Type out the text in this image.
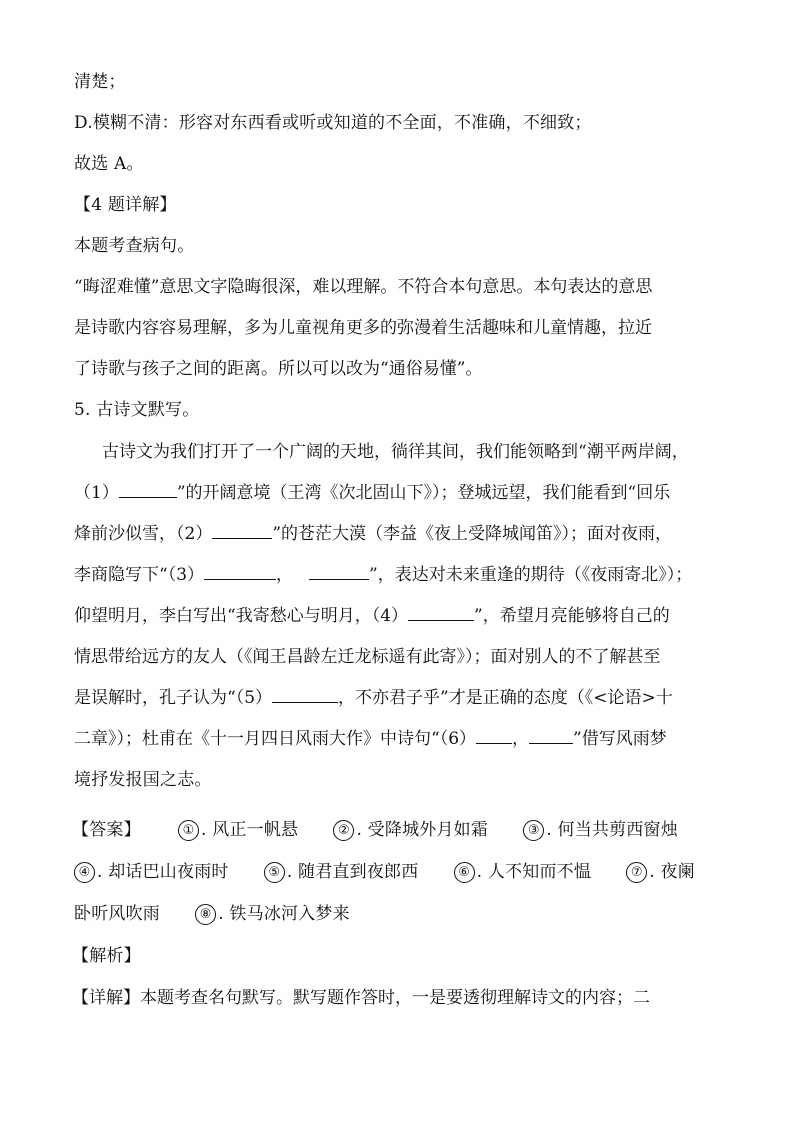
清楚；

D.模糊不清：形容对东西看或听或知道的不全面，不准确，不细致；

故选 A。

【4 题详解】

本题考查病句。

“晦涩难懂”意思文字隐晦很深，难以理解。不符合本句意思。本句表达的意思

是诗歌内容容易理解，多为儿童视角更多的弥漫着生活趣味和儿童情趣，拉近

了诗歌与孩子之间的距离。所以可以改为“通俗易懂”。

5. 古诗文默写。

古诗文为我们打开了一个广阔的天地，徜徉其间，我们能领略到“潮平两岸阔，

（1）	”的开阔意境（王湾《次北固山下》）；登城远望，我们能看到“回乐

烽前沙似雪，（2）	”的苍茫大漠（李益《夜上受降城闻笛》）；面对夜雨，

李商隐写下“（3）	，	”，表达对未来重逢的期待（《夜雨寄北》）；

仰望明月，李白写出“我寄愁心与明月，（4）	”，希望月亮能够将自己的

情思带给远方的友人（《闻王昌龄左迁龙标遥有此寄》）；面对别人的不了解甚至

是误解时，孔子认为“（5）	，不亦君子乎”才是正确的态度（《<论语>十

二章》）；杜甫在《十一月四日风雨大作》中诗句“（6） ，	”借写风雨梦

境抒发报国之志。

【答案】	① . 风正一帆悬	② . 受降城外月如霜	③ . 何当共剪西窗烛

④ . 却话巴山夜雨时	⑤ . 随君直到夜郎西	⑥ . 人不知而不愠	⑦ . 夜阑

卧听风吹雨	⑧ . 铁马冰河入梦来

【解析】

【详解】本题考查名句默写。默写题作答时，一是要透彻理解诗文的内容；二
